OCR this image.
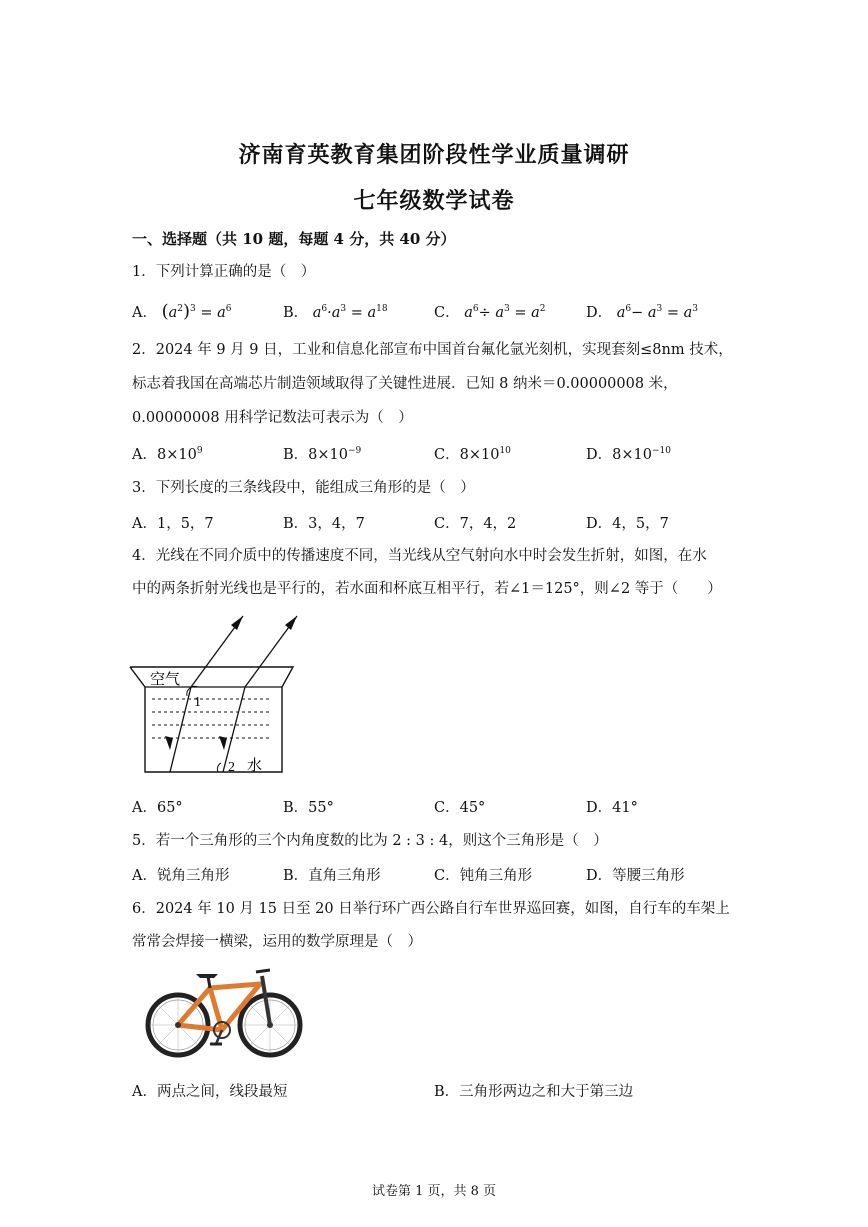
济南育英教育集团阶段性学业质量调研
七年级数学试卷
一、选择题（共 10 题，每题 4 分，共 40 分）
1．下列计算正确的是（　）
A． $(a^2)^3 = a^6$	B． $a^6\cdot a^3 = a^{18}$	C． $a^6\div a^3 = a^2$	D． $a^6- a^3 = a^3$
2．2024 年 9 月 9 日，工业和信息化部宣布中国首台氟化氩光刻机，实现套刻≤8nm 技术，
标志着我国在高端芯片制造领域取得了关键性进展．已知 8 纳米＝0.00000008 米，
0.00000008 用科学记数法可表示为（　）
A．$8\times 10^9$	B．$8\times 10^{-9}$	C．$8\times 10^{10}$	D．$8\times 10^{-10}$
3．下列长度的三条线段中，能组成三角形的是（　）
A．1，5，7	B．3，4，7	C．7，4，2	D．4，5，7
4．光线在不同介质中的传播速度不同，当光线从空气射向水中时会发生折射，如图，在水
中的两条折射光线也是平行的，若水面和杯底互相平行，若∠1＝125°，则∠2 等于（　　）
空气
1
2 水
A．65°	B．55°	C．45°	D．41°
5．若一个三角形的三个内角度数的比为 2 : 3 : 4，则这个三角形是（　）
A．锐角三角形	B．直角三角形	C．钝角三角形	D．等腰三角形
6．2024 年 10 月 15 日至 20 日举行环广西公路自行车世界巡回赛，如图，自行车的车架上
常常会焊接一横梁，运用的数学原理是（　）
A．两点之间，线段最短	B．三角形两边之和大于第三边
试卷第 1 页，共 8 页
